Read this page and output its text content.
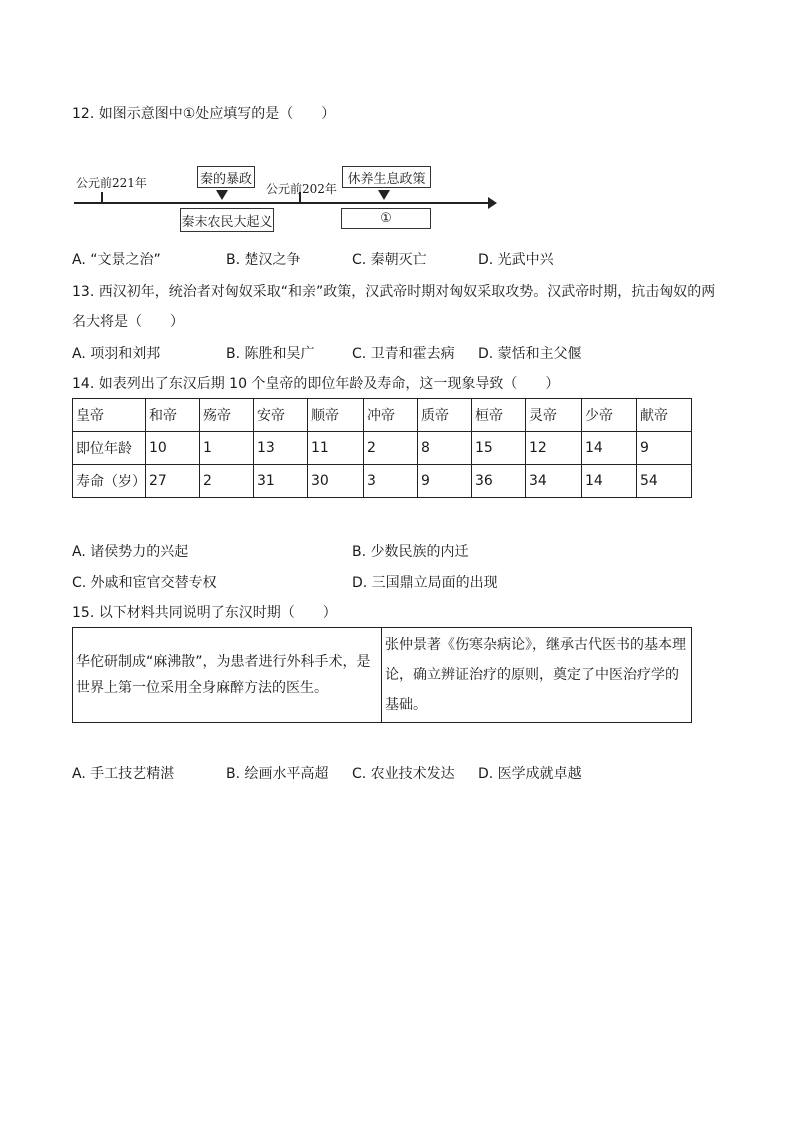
12. 如图示意图中①处应填写的是（　　）
公元前221年	秦的暴政
秦末农民大起义
公元前202年
休养生息政策
①
A. “文景之治”	B. 楚汉之争	C. 秦朝灭亡	D. 光武中兴
13. 西汉初年，统治者对匈奴采取“和亲”政策，汉武帝时期对匈奴采取攻势。汉武帝时期，抗击匈奴的两
名大将是（　　）
A. 项羽和刘邦	B. 陈胜和吴广	C. 卫青和霍去病 D. 蒙恬和主父偃
14. 如表列出了东汉后期 10 个皇帝的即位年龄及寿命，这一现象导致（　　）
皇帝	和帝	殇帝	安帝	顺帝	冲帝	质帝	桓帝	灵帝	少帝	献帝
即位年龄	10	1	13	11	2	8	15	12	14	9
寿命（岁）	27	2	31	30	3	9	36	34	14	54
A. 诸侯势力的兴起	B. 少数民族的内迁
C. 外戚和宦官交替专权	D. 三国鼎立局面的出现
15. 以下材料共同说明了东汉时期（　　）
华佗研制成“麻沸散”，为患者进行外科手术，是世界上第一位采用全身麻醉方法的医生。
张仲景著《伤寒杂病论》，继承古代医书的基本理论，确立辨证治疗的原则，奠定了中医治疗学的基础。
A. 手工技艺精湛	B. 绘画水平高超 C. 农业技术发达 D. 医学成就卓越
